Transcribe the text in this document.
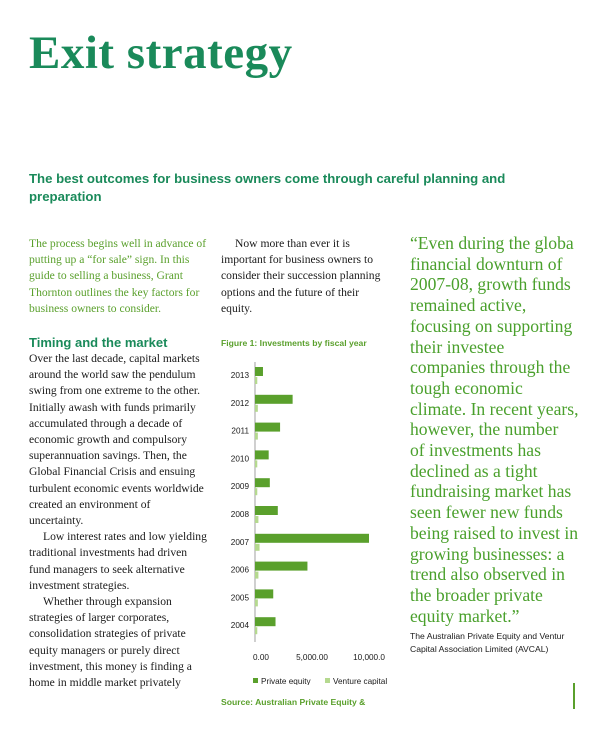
Exit strategy

The best outcomes for business owners come through careful planning and preparation

The process begins well in advance of putting up a “for sale” sign. In this guide to selling a business, Grant Thornton outlines the key factors for business owners to consider.

Timing and the market

Over the last decade, capital markets around the world saw the pendulum swing from one extreme to the other. Initially awash with funds primarily accumulated through a decade of economic growth and compulsory superannuation savings. Then, the Global Financial Crisis and ensuing turbulent economic events worldwide created an environment of uncertainty.

Low interest rates and low yielding traditional investments had driven fund managers to seek alternative investment strategies.

Whether through expansion strategies of larger corporates, consolidation strategies of private equity managers or purely direct investment, this money is finding a home in middle market privately

Now more than ever it is important for business owners to consider their succession planning options and the future of their equity.

Figure 1: Investments by fiscal year

2013
2012
2011
2010
2009
2008
2007
2006
2005
2004
0.00	5,000.00	10,000.0
Private equity	Venture capital

Source: Australian Private Equity &

“Even during the globa
financial downturn of
2007-08, growth funds
remained active,
focusing on supporting
their investee
companies through the
tough economic
climate. In recent years,
however, the number
of investments has
declined as a tight
fundraising market has
seen fewer new funds
being raised to invest in
growing businesses: a
trend also observed in
the broader private
equity market.”
The Australian Private Equity and Ventur
Capital Association Limited (AVCAL)
